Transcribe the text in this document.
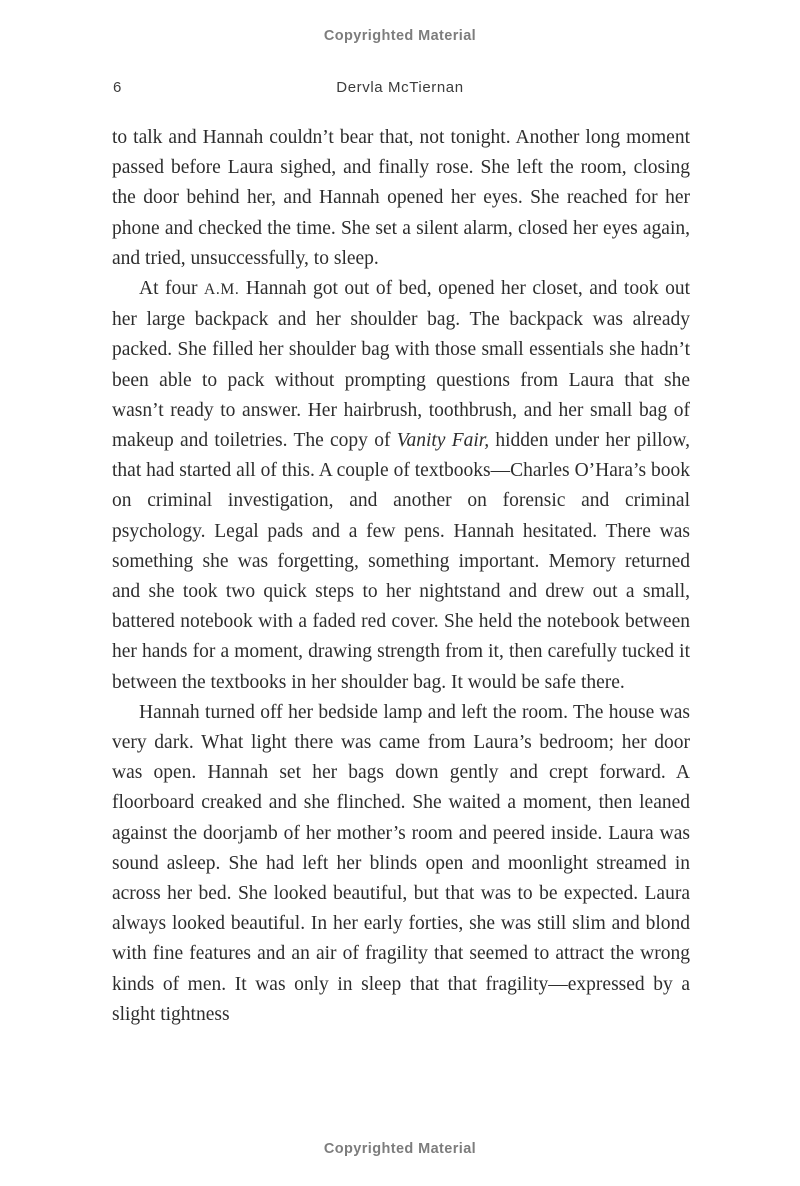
Copyrighted Material
6	Dervla McTiernan

to talk and Hannah couldn’t bear that, not tonight. Another long moment passed before Laura sighed, and finally rose. She left the room, closing the door behind her, and Hannah opened her eyes. She reached for her phone and checked the time. She set a silent alarm, closed her eyes again, and tried, unsuccessfully, to sleep.

At four A.M. Hannah got out of bed, opened her closet, and took out her large backpack and her shoulder bag. The backpack was already packed. She filled her shoulder bag with those small essentials she hadn’t been able to pack without prompting questions from Laura that she wasn’t ready to answer. Her hairbrush, toothbrush, and her small bag of makeup and toiletries. The copy of Vanity Fair, hidden under her pillow, that had started all of this. A couple of textbooks—Charles O’Hara’s book on criminal investigation, and another on forensic and criminal psychology. Legal pads and a few pens. Hannah hesitated. There was something she was forgetting, something important. Memory returned and she took two quick steps to her nightstand and drew out a small, battered notebook with a faded red cover. She held the notebook between her hands for a moment, drawing strength from it, then carefully tucked it between the textbooks in her shoulder bag. It would be safe there.

Hannah turned off her bedside lamp and left the room. The house was very dark. What light there was came from Laura’s bedroom; her door was open. Hannah set her bags down gently and crept forward. A floorboard creaked and she flinched. She waited a moment, then leaned against the doorjamb of her mother’s room and peered inside. Laura was sound asleep. She had left her blinds open and moonlight streamed in across her bed. She looked beautiful, but that was to be expected. Laura always looked beautiful. In her early forties, she was still slim and blond with fine features and an air of fragility that seemed to attract the wrong kinds of men. It was only in sleep that that fragility—expressed by a slight tightness

Copyrighted Material
